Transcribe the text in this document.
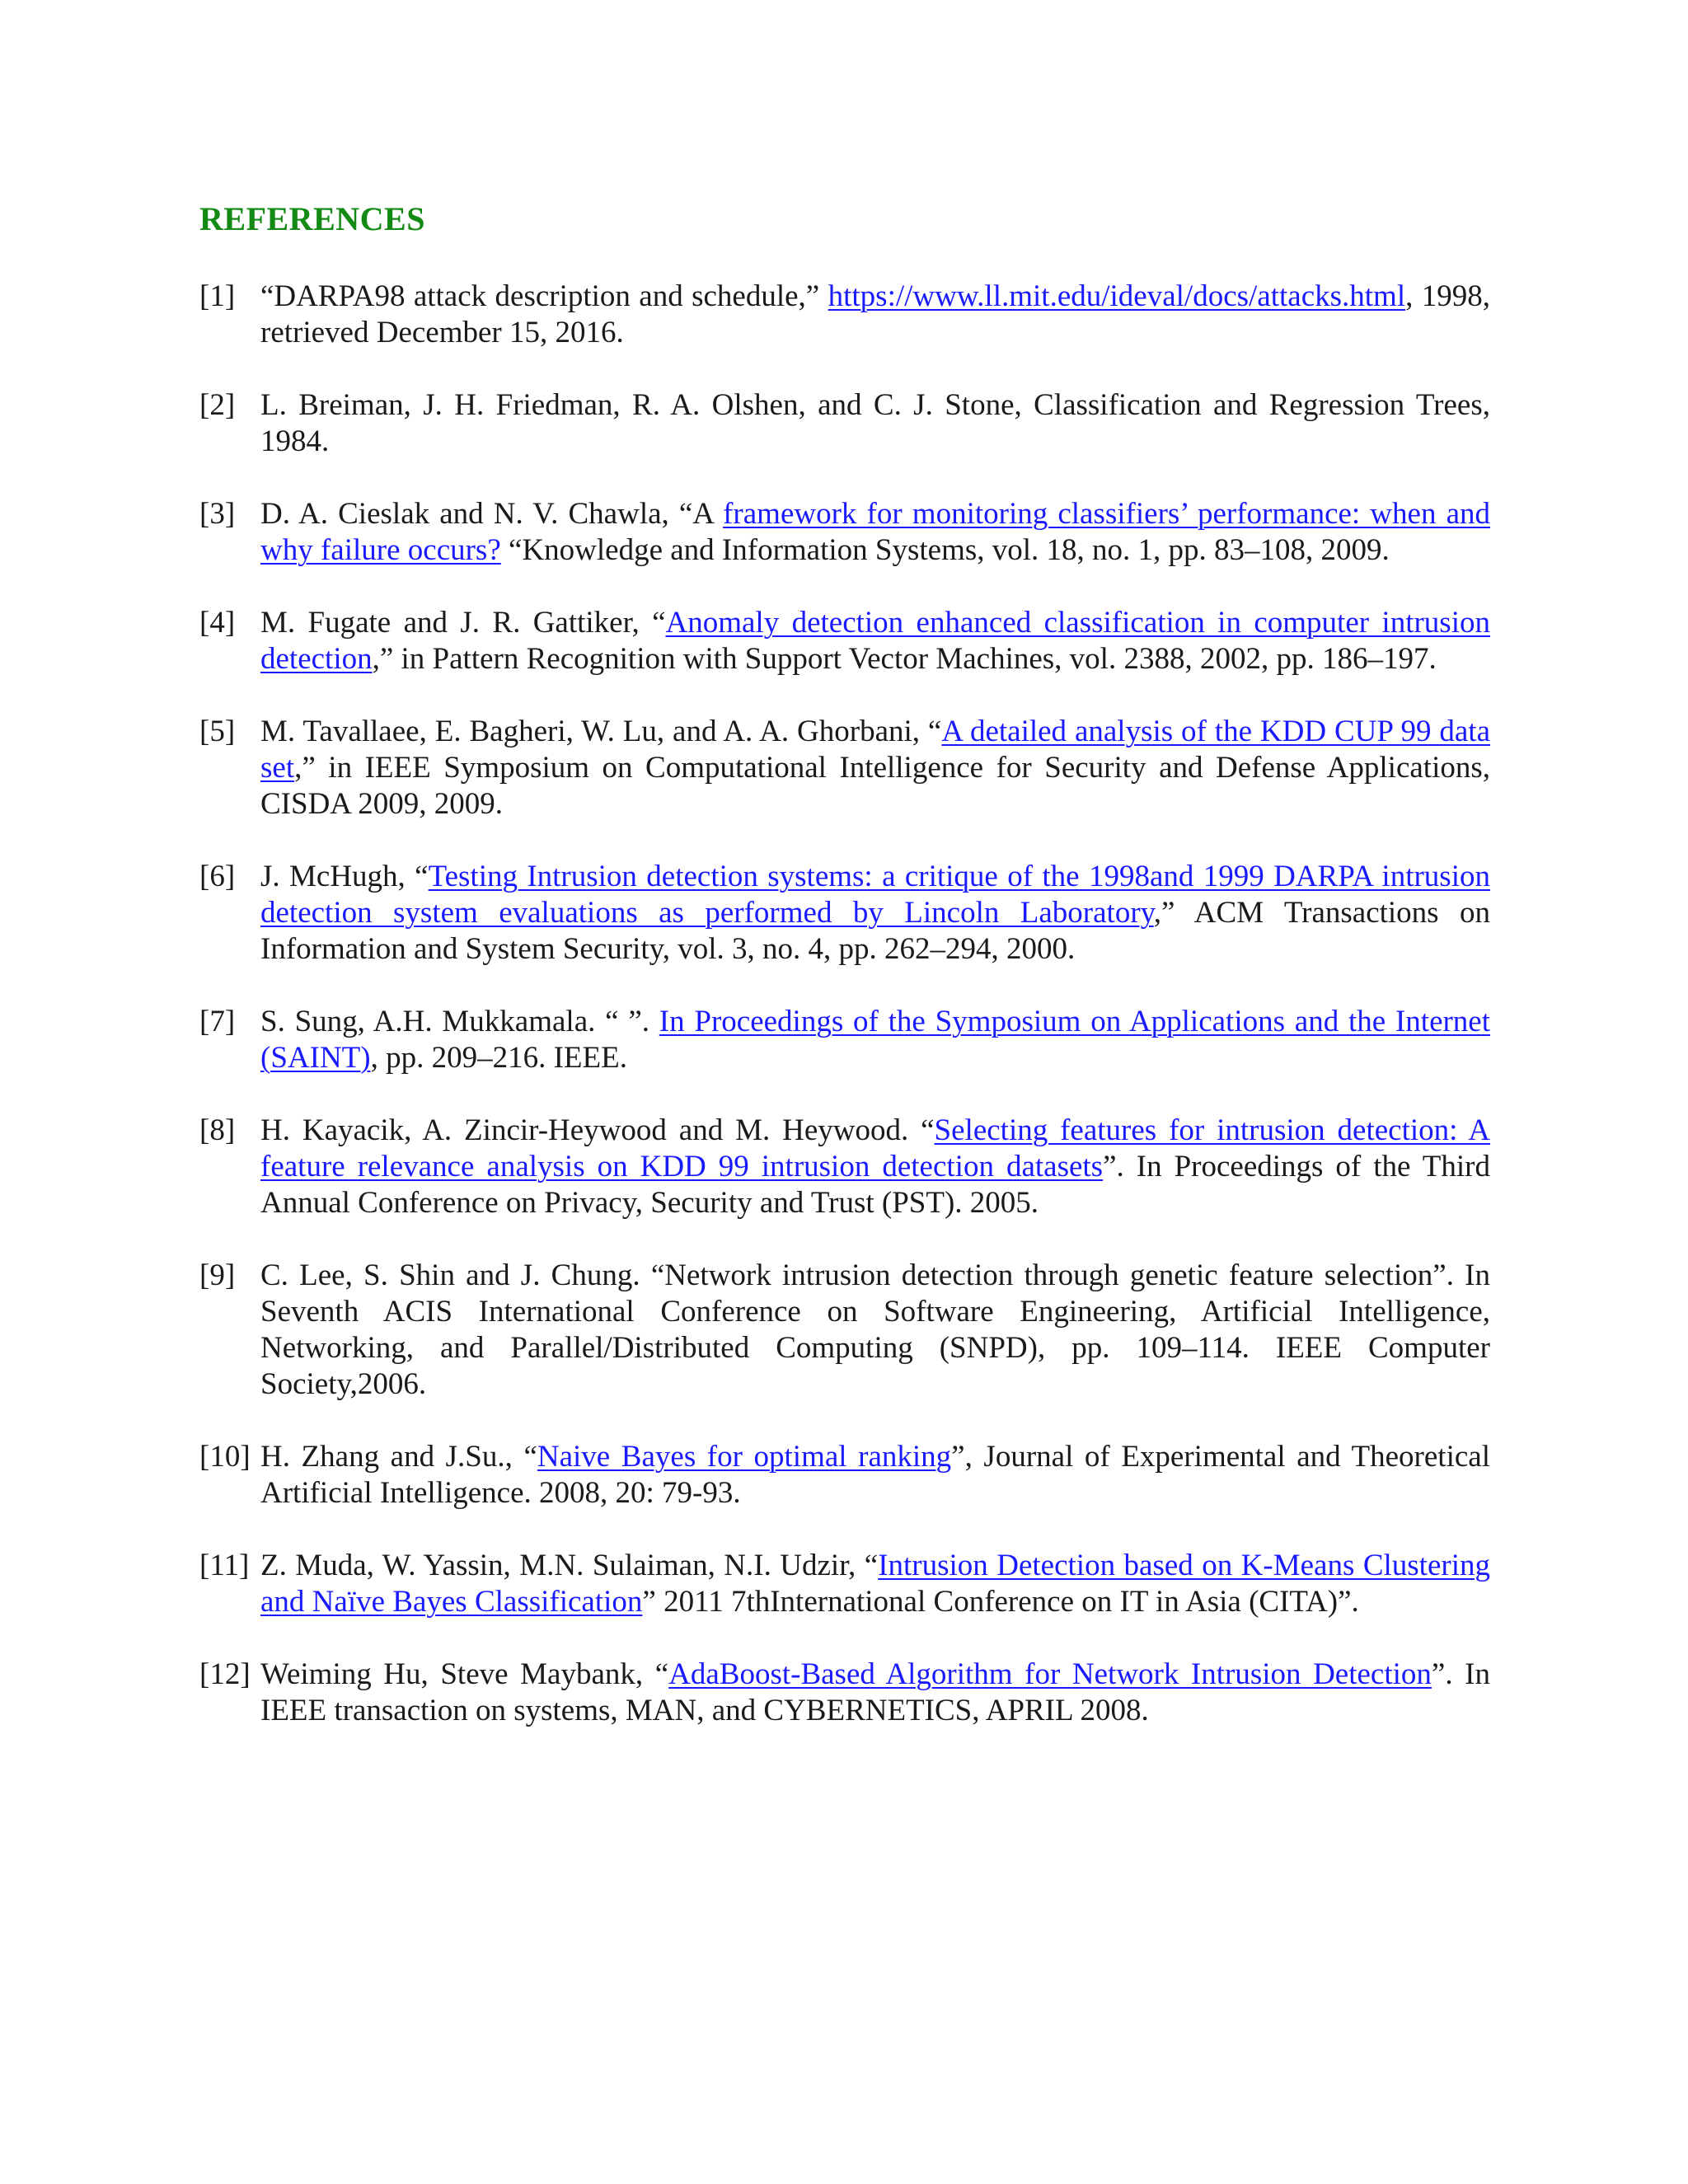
REFERENCES
[1] “DARPA98 attack description and schedule,” https://www.ll.mit.edu/ideval/docs/attacks.html, 1998, retrieved December 15, 2016.
[2] L. Breiman, J. H. Friedman, R. A. Olshen, and C. J. Stone, Classification and Regression Trees, 1984.
[3] D. A. Cieslak and N. V. Chawla, “A framework for monitoring classifiers’ performance: when and why failure occurs? “Knowledge and Information Systems, vol. 18, no. 1, pp. 83–108, 2009.
[4] M. Fugate and J. R. Gattiker, “Anomaly detection enhanced classification in computer intrusion detection,” in Pattern Recognition with Support Vector Machines, vol. 2388, 2002, pp. 186–197.
[5] M. Tavallaee, E. Bagheri, W. Lu, and A. A. Ghorbani, “A detailed analysis of the KDD CUP 99 data set,” in IEEE Symposium on Computational Intelligence for Security and Defense Applications, CISDA 2009, 2009.
[6] J. McHugh, “Testing Intrusion detection systems: a critique of the 1998and 1999 DARPA intrusion detection system evaluations as performed by Lincoln Laboratory,” ACM Transactions on Information and System Security, vol. 3, no. 4, pp. 262–294, 2000.
[7] S. Sung, A.H. Mukkamala. “ ”. In Proceedings of the Symposium on Applications and the Internet (SAINT), pp. 209–216. IEEE.
[8] H. Kayacik, A. Zincir-Heywood and M. Heywood. “Selecting features for intrusion detection: A feature relevance analysis on KDD 99 intrusion detection datasets”. In Proceedings of the Third Annual Conference on Privacy, Security and Trust (PST). 2005.
[9] C. Lee, S. Shin and J. Chung. “Network intrusion detection through genetic feature selection”. In Seventh ACIS International Conference on Software Engineering, Artificial Intelligence, Networking, and Parallel/Distributed Computing (SNPD), pp. 109–114. IEEE Computer Society,2006.
[10] H. Zhang and J.Su., “Naive Bayes for optimal ranking”, Journal of Experimental and Theoretical Artificial Intelligence. 2008, 20: 79-93.
[11] Z. Muda, W. Yassin, M.N. Sulaiman, N.I. Udzir, “Intrusion Detection based on K-Means Clustering and Naïve Bayes Classification” 2011 7thInternational Conference on IT in Asia (CITA)”.
[12] Weiming Hu, Steve Maybank, “AdaBoost-Based Algorithm for Network Intrusion Detection”. In IEEE transaction on systems, MAN, and CYBERNETICS, APRIL 2008.
